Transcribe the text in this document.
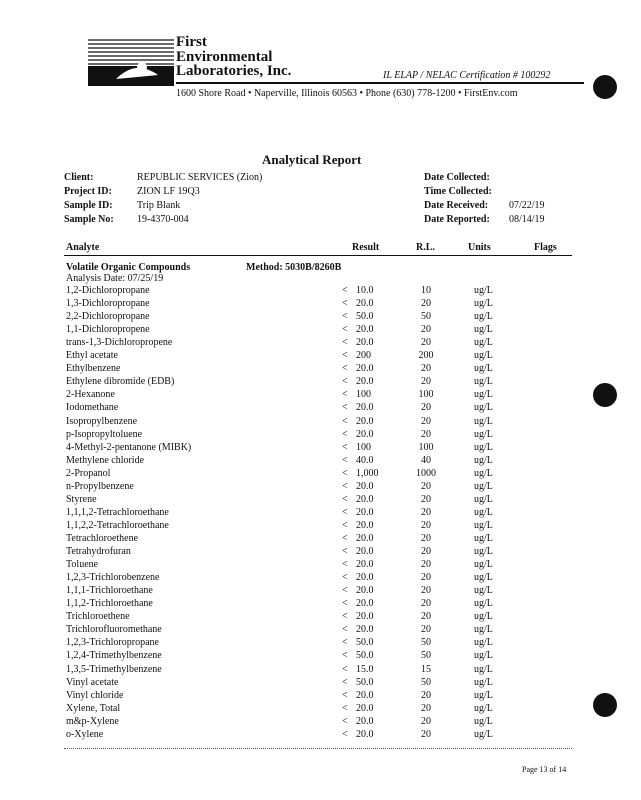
First
Environmental
Laboratories, Inc.	IL ELAP / NELAC Certification # 100292
1600 Shore Road • Naperville, Illinois 60563 • Phone (630) 778-1200 • FirstEnv.com
Analytical Report
Client:	REPUBLIC SERVICES (Zion)
Project ID:	ZION LF 19Q3
Sample ID: Trip Blank
Sample No: 19-4370-004
Date Collected:
Time Collected:
Date Received: 07/22/19
Date Reported: 08/14/19
Analyte	Result	R.L.	Units	Flags
Volatile Organic Compounds	Method: 5030B/8260B
Analysis Date: 07/25/19
1,2-Dichloropropane	< 10.0	10	ug/L
1,3-Dichloropropane	< 20.0	20	ug/L
2,2-Dichloropropane	< 50.0	50	ug/L
1,1-Dichloropropene	< 20.0	20	ug/L
trans-1,3-Dichloropropene	< 20.0	20	ug/L
Ethyl acetate	< 200	200	ug/L
Ethylbenzene	< 20.0	20	ug/L
Ethylene dibromide (EDB)	< 20.0	20	ug/L
2-Hexanone	< 100	100	ug/L
Iodomethane	< 20.0	20	ug/L
Isopropylbenzene	< 20.0	20	ug/L
p-Isopropyltoluene	< 20.0	20	ug/L
4-Methyl-2-pentanone (MIBK)	< 100	100	ug/L
Methylene chloride	< 40.0	40	ug/L
2-Propanol	< 1,000	1000	ug/L
n-Propylbenzene	< 20.0	20	ug/L
Styrene	< 20.0	20	ug/L
1,1,1,2-Tetrachloroethane	< 20.0	20	ug/L
1,1,2,2-Tetrachloroethane	< 20.0	20	ug/L
Tetrachloroethene	< 20.0	20	ug/L
Tetrahydrofuran	< 20.0	20	ug/L
Toluene	< 20.0	20	ug/L
1,2,3-Trichlorobenzene	< 20.0	20	ug/L
1,1,1-Trichloroethane	< 20.0	20	ug/L
1,1,2-Trichloroethane	< 20.0	20	ug/L
Trichloroethene	< 20.0	20	ug/L
Trichlorofluoromethane	< 20.0	20	ug/L
1,2,3-Trichloropropane	< 50.0	50	ug/L
1,2,4-Trimethylbenzene	< 50.0	50	ug/L
1,3,5-Trimethylbenzene	< 15.0	15	ug/L
Vinyl acetate	< 50.0	50	ug/L
Vinyl chloride	< 20.0	20	ug/L
Xylene, Total	< 20.0	20	ug/L
m&p-Xylene	< 20.0	20	ug/L
o-Xylene	< 20.0	20	ug/L
Page 13 of 14
